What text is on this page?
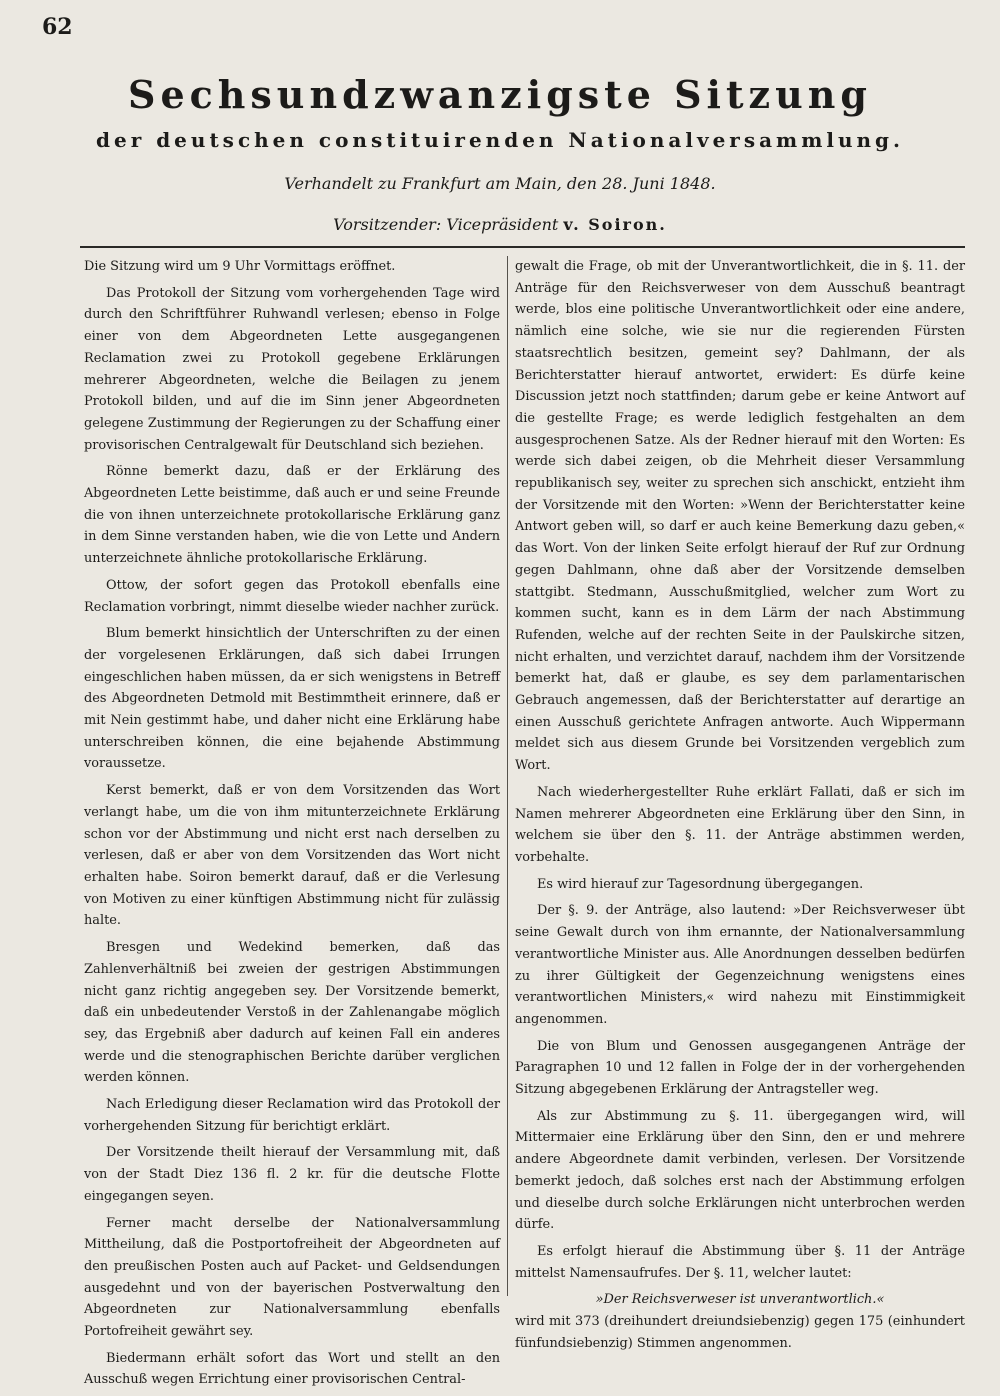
62
Sechsundzwanzigste Sitzung
der deutschen constituirenden Nationalversammlung.
Verhandelt zu Frankfurt am Main, den 28. Juni 1848.
Vorsitzender: Vicepräsident v. Soiron.

Die Sitzung wird um 9 Uhr Vormittags eröffnet.

Das Protokoll der Sitzung vom vorhergehenden Tage wird durch den Schriftführer Ruhwandl verlesen; ebenso in Folge einer von dem Abgeordneten Lette ausgegangenen Reclamation zwei zu Protokoll gegebene Erklärungen mehrerer Abgeordneten, welche die Beilagen zu jenem Protokoll bilden, und auf die im Sinn jener Abgeordneten gelegene Zustimmung der Regierungen zu der Schaffung einer provisorischen Centralgewalt für Deutschland sich beziehen.

Rönne bemerkt dazu, daß er der Erklärung des Abgeordneten Lette beistimme, daß auch er und seine Freunde die von ihnen unterzeichnete protokollarische Erklärung ganz in dem Sinne verstanden haben, wie die von Lette und Andern unterzeichnete ähnliche protokollarische Erklärung.

Ottow, der sofort gegen das Protokoll ebenfalls eine Reclamation vorbringt, nimmt dieselbe wieder nachher zurück.

Blum bemerkt hinsichtlich der Unterschriften zu der einen der vorgelesenen Erklärungen, daß sich dabei Irrungen eingeschlichen haben müssen, da er sich wenigstens in Betreff des Abgeordneten Detmold mit Bestimmtheit erinnere, daß er mit Nein gestimmt habe, und daher nicht eine Erklärung habe unterschreiben können, die eine bejahende Abstimmung voraussetze.

Kerst bemerkt, daß er von dem Vorsitzenden das Wort verlangt habe, um die von ihm mitunterzeichnete Erklärung schon vor der Abstimmung und nicht erst nach derselben zu verlesen, daß er aber von dem Vorsitzenden das Wort nicht erhalten habe. Soiron bemerkt darauf, daß er die Verlesung von Motiven zu einer künftigen Abstimmung nicht für zulässig halte.

Bresgen und Wedekind bemerken, daß das Zahlenverhältniß bei zweien der gestrigen Abstimmungen nicht ganz richtig angegeben sey. Der Vorsitzende bemerkt, daß ein unbedeutender Verstoß in der Zahlenangabe möglich sey, das Ergebniß aber dadurch auf keinen Fall ein anderes werde und die stenographischen Berichte darüber verglichen werden können.

Nach Erledigung dieser Reclamation wird das Protokoll der vorhergehenden Sitzung für berichtigt erklärt.

Der Vorsitzende theilt hierauf der Versammlung mit, daß von der Stadt Diez 136 fl. 2 kr. für die deutsche Flotte eingegangen seyen.

Ferner macht derselbe der Nationalversammlung Mittheilung, daß die Postportofreiheit der Abgeordneten auf den preußischen Posten auch auf Packet- und Geldsendungen ausgedehnt und von der bayerischen Postverwaltung den Abgeordneten zur Nationalversammlung ebenfalls Portofreiheit gewährt sey.

Biedermann erhält sofort das Wort und stellt an den Ausschuß wegen Errichtung einer provisorischen Central-

gewalt die Frage, ob mit der Unverantwortlichkeit, die in §. 11. der Anträge für den Reichsverweser von dem Ausschuß beantragt werde, blos eine politische Unverantwortlichkeit oder eine andere, nämlich eine solche, wie sie nur die regierenden Fürsten staatsrechtlich besitzen, gemeint sey? Dahlmann, der als Berichterstatter hierauf antwortet, erwidert: Es dürfe keine Discussion jetzt noch stattfinden; darum gebe er keine Antwort auf die gestellte Frage; es werde lediglich festgehalten an dem ausgesprochenen Satze. Als der Redner hierauf mit den Worten: Es werde sich dabei zeigen, ob die Mehrheit dieser Versammlung republikanisch sey, weiter zu sprechen sich anschickt, entzieht ihm der Vorsitzende mit den Worten: »Wenn der Berichterstatter keine Antwort geben will, so darf er auch keine Bemerkung dazu geben,« das Wort. Von der linken Seite erfolgt hierauf der Ruf zur Ordnung gegen Dahlmann, ohne daß aber der Vorsitzende demselben stattgibt. Stedmann, Ausschußmitglied, welcher zum Wort zu kommen sucht, kann es in dem Lärm der nach Abstimmung Rufenden, welche auf der rechten Seite in der Paulskirche sitzen, nicht erhalten, und verzichtet darauf, nachdem ihm der Vorsitzende bemerkt hat, daß er glaube, es sey dem parlamentarischen Gebrauch angemessen, daß der Berichterstatter auf derartige an einen Ausschuß gerichtete Anfragen antworte. Auch Wippermann meldet sich aus diesem Grunde bei Vorsitzenden vergeblich zum Wort.

Nach wiederhergestellter Ruhe erklärt Fallati, daß er sich im Namen mehrerer Abgeordneten eine Erklärung über den Sinn, in welchem sie über den §. 11. der Anträge abstimmen werden, vorbehalte.

Es wird hierauf zur Tagesordnung übergegangen.

Der §. 9. der Anträge, also lautend: »Der Reichsverweser übt seine Gewalt durch von ihm ernannte, der Nationalversammlung verantwortliche Minister aus. Alle Anordnungen desselben bedürfen zu ihrer Gültigkeit der Gegenzeichnung wenigstens eines verantwortlichen Ministers,« wird nahezu mit Einstimmigkeit angenommen.

Die von Blum und Genossen ausgegangenen Anträge der Paragraphen 10 und 12 fallen in Folge der in der vorhergehenden Sitzung abgegebenen Erklärung der Antragsteller weg.

Als zur Abstimmung zu §. 11. übergegangen wird, will Mittermaier eine Erklärung über den Sinn, den er und mehrere andere Abgeordnete damit verbinden, verlesen. Der Vorsitzende bemerkt jedoch, daß solches erst nach der Abstimmung erfolgen und dieselbe durch solche Erklärungen nicht unterbrochen werden dürfe.

Es erfolgt hierauf die Abstimmung über §. 11 der Anträge mittelst Namensaufrufes. Der §. 11, welcher lautet:

»Der Reichsverweser ist unverantwortlich.«

wird mit 373 (dreihundert dreiundsiebenzig) gegen 175 (einhundert fünfundsiebenzig) Stimmen angenommen.
